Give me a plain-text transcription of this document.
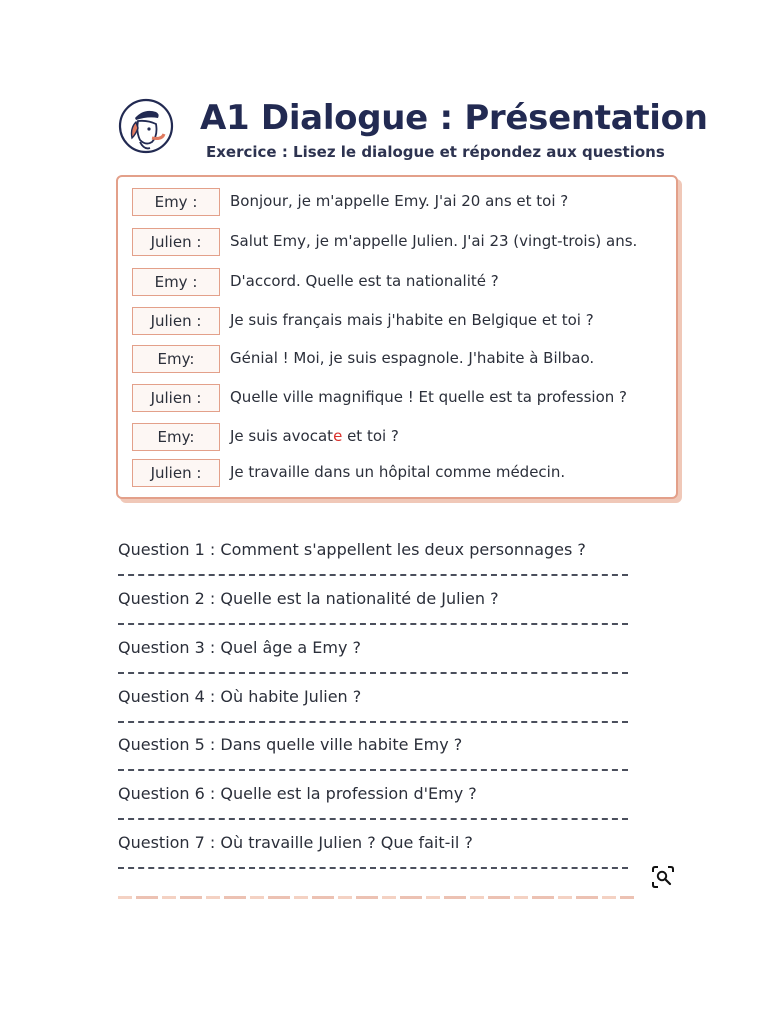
A1 Dialogue : Présentation
Exercice : Lisez le dialogue et répondez aux questions
Emy :	Bonjour, je m'appelle Emy. J'ai 20 ans et toi ?
Julien :	Salut Emy, je m'appelle Julien. J'ai 23 (vingt-trois) ans.
Emy :	D'accord. Quelle est ta nationalité ?
Julien :	Je suis français mais j'habite en Belgique et toi ?
Emy:	Génial ! Moi, je suis espagnole. J'habite à Bilbao.
Julien :	Quelle ville magnifique ! Et quelle est ta profession ?
Emy:	Je suis avocate et toi ?
Julien :	Je travaille dans un hôpital comme médecin.
Question 1 : Comment s'appellent les deux personnages ?
Question 2 : Quelle est la nationalité de Julien ?
Question 3 : Quel âge a Emy ?
Question 4 : Où habite Julien ?
Question 5 : Dans quelle ville habite Emy ?
Question 6 : Quelle est la profession d'Emy ?
Question 7 : Où travaille Julien ? Que fait-il ?
